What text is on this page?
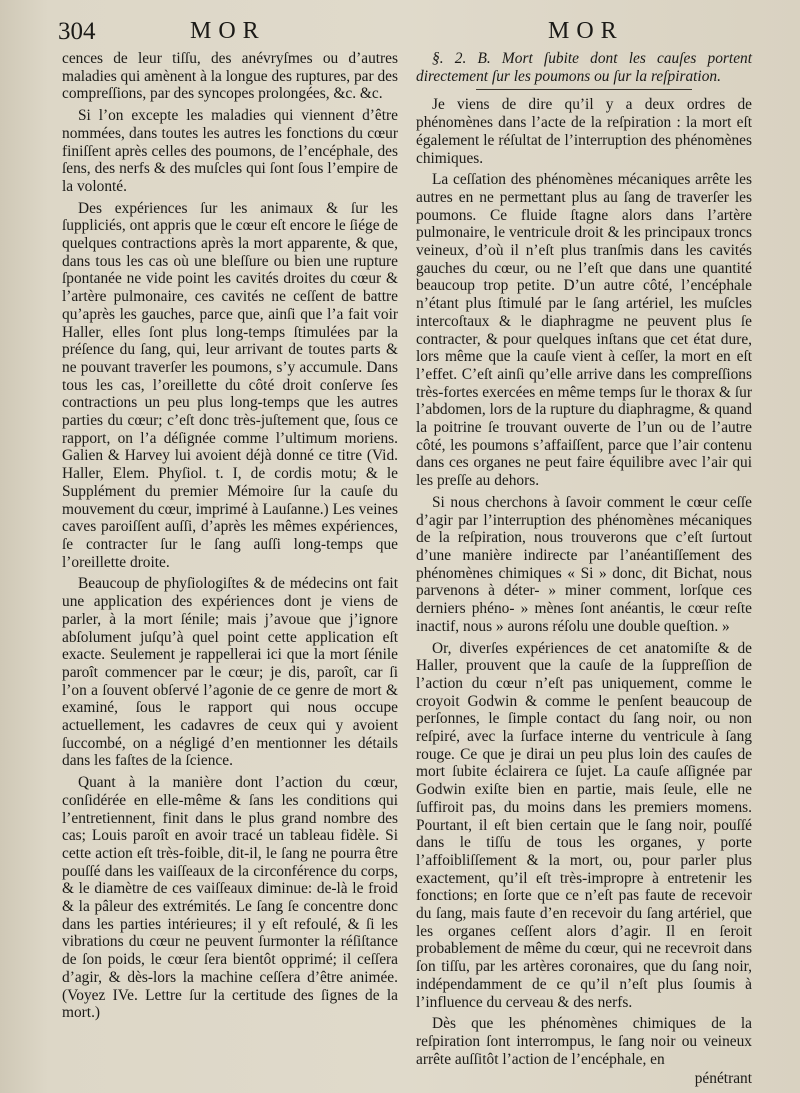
304	MOR	MOR

cences de leur tiſſu, des anévryſmes ou d’autres maladies qui amènent à la longue des ruptures, par des compreſſions, par des syncopes prolongées, &c. &c.

Si l’on excepte les maladies qui viennent d’être nommées, dans toutes les autres les fonctions du cœur finiſſent après celles des poumons, de l’encéphale, des ſens, des nerfs & des muſcles qui ſont ſous l’empire de la volonté.

Des expériences ſur les animaux & ſur les ſuppliciés, ont appris que le cœur eſt encore le ſiége de quelques contractions après la mort apparente, & que, dans tous les cas où une bleſſure ou bien une rupture ſpontanée ne vide point les cavités droites du cœur & l’artère pulmonaire, ces cavités ne ceſſent de battre qu’après les gauches, parce que, ainſi que l’a fait voir Haller, elles ſont plus long-temps ſtimulées par la préſence du ſang, qui, leur arrivant de toutes parts & ne pouvant traverſer les poumons, s’y accumule. Dans tous les cas, l’oreillette du côté droit conſerve ſes contractions un peu plus long-temps que les autres parties du cœur; c’eſt donc très-juſtement que, ſous ce rapport, on l’a déſignée comme l’ultimum moriens. Galien & Harvey lui avoient déjà donné ce titre (Vid. Haller, Elem. Phyſiol. t. I, de cordis motu; & le Supplément du premier Mémoire ſur la cauſe du mouvement du cœur, imprimé à Lauſanne.) Les veines caves paroiſſent auſſi, d’après les mêmes expériences, ſe contracter ſur le ſang auſſi long-temps que l’oreillette droite.

Beaucoup de phyſiologiſtes & de médecins ont fait une application des expériences dont je viens de parler, à la mort ſénile; mais j’avoue que j’ignore abſolument juſqu’à quel point cette application eſt exacte. Seulement je rappellerai ici que la mort ſénile paroît commencer par le cœur; je dis, paroît, car ſi l’on a ſouvent obſervé l’agonie de ce genre de mort & examiné, ſous le rapport qui nous occupe actuellement, les cadavres de ceux qui y avoient ſuccombé, on a négligé d’en mentionner les détails dans les faſtes de la ſcience.

Quant à la manière dont l’action du cœur, conſidérée en elle-même & ſans les conditions qui l’entretiennent, finit dans le plus grand nombre des cas; Louis paroît en avoir tracé un tableau fidèle. Si cette action eſt très-foible, dit-il, le ſang ne pourra être pouſſé dans les vaiſſeaux de la circonférence du corps, & le diamètre de ces vaiſſeaux diminue: de-là le froid & la pâleur des extrémités. Le ſang ſe concentre donc dans les parties intérieures; il y eſt refoulé, & ſi les vibrations du cœur ne peuvent ſurmonter la réſiſtance de ſon poids, le cœur ſera bientôt opprimé; il ceſſera d’agir, & dès-lors la machine ceſſera d’être animée. (Voyez IVe. Lettre ſur la certitude des ſignes de la mort.)

§. 2. B. Mort ſubite dont les cauſes portent directement ſur les poumons ou ſur la reſpiration.

Je viens de dire qu’il y a deux ordres de phénomènes dans l’acte de la reſpiration : la mort eſt également le réſultat de l’interruption des phénomènes chimiques.

La ceſſation des phénomènes mécaniques arrête les autres en ne permettant plus au ſang de traverſer les poumons. Ce fluide ſtagne alors dans l’artère pulmonaire, le ventricule droit & les principaux troncs veineux, d’où il n’eſt plus tranſmis dans les cavités gauches du cœur, ou ne l’eſt que dans une quantité beaucoup trop petite. D’un autre côté, l’encéphale n’étant plus ſtimulé par le ſang artériel, les muſcles intercoſtaux & le diaphragme ne peuvent plus ſe contracter, & pour quelques inſtans que cet état dure, lors même que la cauſe vient à ceſſer, la mort en eſt l’effet. C’eſt ainſi qu’elle arrive dans les compreſſions très-fortes exercées en même temps ſur le thorax & ſur l’abdomen, lors de la rupture du diaphragme, & quand la poitrine ſe trouvant ouverte de l’un ou de l’autre côté, les poumons s’affaiſſent, parce que l’air contenu dans ces organes ne peut faire équilibre avec l’air qui les preſſe au dehors.

Si nous cherchons à ſavoir comment le cœur ceſſe d’agir par l’interruption des phénomènes mécaniques de la reſpiration, nous trouverons que c’eſt ſurtout d’une manière indirecte par l’anéantiſſement des phénomènes chimiques « Si » donc, dit Bichat, nous parvenons à déter- » miner comment, lorſque ces derniers phéno- » mènes ſont anéantis, le cœur reſte inactif, nous » aurons réſolu une double queſtion. »

Or, diverſes expériences de cet anatomiſte & de Haller, prouvent que la cauſe de la ſuppreſſion de l’action du cœur n’eſt pas uniquement, comme le croyoit Godwin & comme le penſent beaucoup de perſonnes, le ſimple contact du ſang noir, ou non reſpiré, avec la ſurface interne du ventricule à ſang rouge. Ce que je dirai un peu plus loin des cauſes de mort ſubite éclairera ce ſujet. La cauſe aſſignée par Godwin exiſte bien en partie, mais ſeule, elle ne ſuffiroit pas, du moins dans les premiers momens. Pourtant, il eſt bien certain que le ſang noir, pouſſé dans le tiſſu de tous les organes, y porte l’affoibliſſement & la mort, ou, pour parler plus exactement, qu’il eſt très-impropre à entretenir les fonctions; en ſorte que ce n’eſt pas faute de recevoir du ſang, mais faute d’en recevoir du ſang artériel, que les organes ceſſent alors d’agir. Il en ſeroit probablement de même du cœur, qui ne recevroit dans ſon tiſſu, par les artères coronaires, que du ſang noir, indépendamment de ce qu’il n’eſt plus ſoumis à l’influence du cerveau & des nerfs.

Dès que les phénomènes chimiques de la reſpiration ſont interrompus, le ſang noir ou veineux arrête auſſitôt l’action de l’encéphale, en

pénétrant
